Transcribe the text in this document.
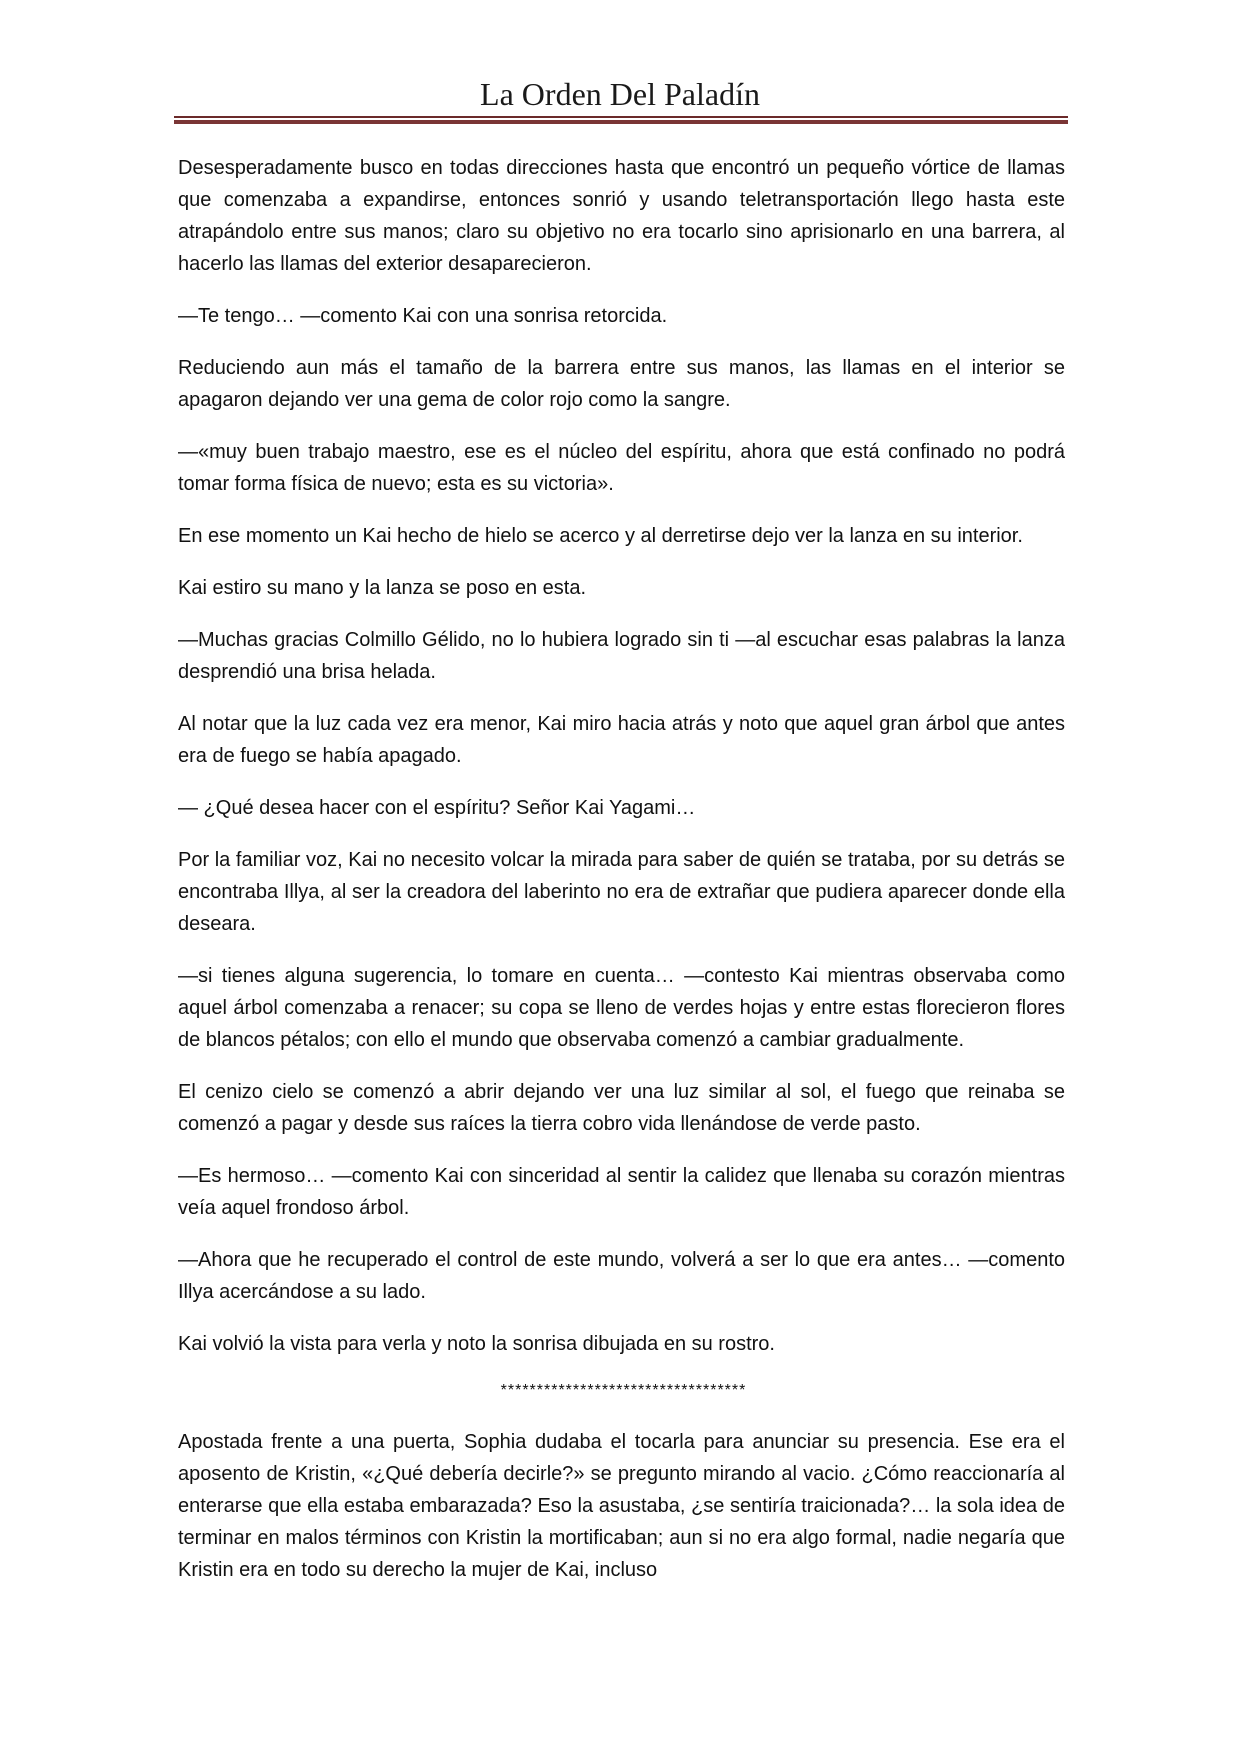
La Orden Del Paladín

Desesperadamente busco en todas direcciones hasta que encontró un pequeño vórtice de llamas que comenzaba a expandirse, entonces sonrió y usando teletransportación llego hasta este atrapándolo entre sus manos; claro su objetivo no era tocarlo sino aprisionarlo en una barrera, al hacerlo las llamas del exterior desaparecieron.

—Te tengo… —comento Kai con una sonrisa retorcida.

Reduciendo aun más el tamaño de la barrera entre sus manos, las llamas en el interior se apagaron dejando ver una gema de color rojo como la sangre.

—«muy buen trabajo maestro, ese es el núcleo del espíritu, ahora que está confinado no podrá tomar forma física de nuevo; esta es su victoria».

En ese momento un Kai hecho de hielo se acerco y al derretirse dejo ver la lanza en su interior.

Kai estiro su mano y la lanza se poso en esta.

—Muchas gracias Colmillo Gélido, no lo hubiera logrado sin ti —al escuchar esas palabras la lanza desprendió una brisa helada.

Al notar que la luz cada vez era menor, Kai miro hacia atrás y noto que aquel gran árbol que antes era de fuego se había apagado.

— ¿Qué desea hacer con el espíritu? Señor Kai Yagami…

Por la familiar voz, Kai no necesito volcar la mirada para saber de quién se trataba, por su detrás se encontraba Illya, al ser la creadora del laberinto no era de extrañar que pudiera aparecer donde ella deseara.

—si tienes alguna sugerencia, lo tomare en cuenta… —contesto Kai mientras observaba como aquel árbol comenzaba a renacer; su copa se lleno de verdes hojas y entre estas florecieron flores de blancos pétalos; con ello el mundo que observaba comenzó a cambiar gradualmente.

El cenizo cielo se comenzó a abrir dejando ver una luz similar al sol, el fuego que reinaba se comenzó a pagar y desde sus raíces la tierra cobro vida llenándose de verde pasto.

—Es hermoso… —comento Kai con sinceridad al sentir la calidez que llenaba su corazón mientras veía aquel frondoso árbol.

—Ahora que he recuperado el control de este mundo, volverá a ser lo que era antes… —comento Illya acercándose a su lado.

Kai volvió la vista para verla y noto la sonrisa dibujada en su rostro.

**********************************

Apostada frente a una puerta, Sophia dudaba el tocarla para anunciar su presencia. Ese era el aposento de Kristin, «¿Qué debería decirle?» se pregunto mirando al vacio. ¿Cómo reaccionaría al enterarse que ella estaba embarazada? Eso la asustaba, ¿se sentiría traicionada?… la sola idea de terminar en malos términos con Kristin la mortificaban; aun si no era algo formal, nadie negaría que Kristin era en todo su derecho la mujer de Kai, incluso
